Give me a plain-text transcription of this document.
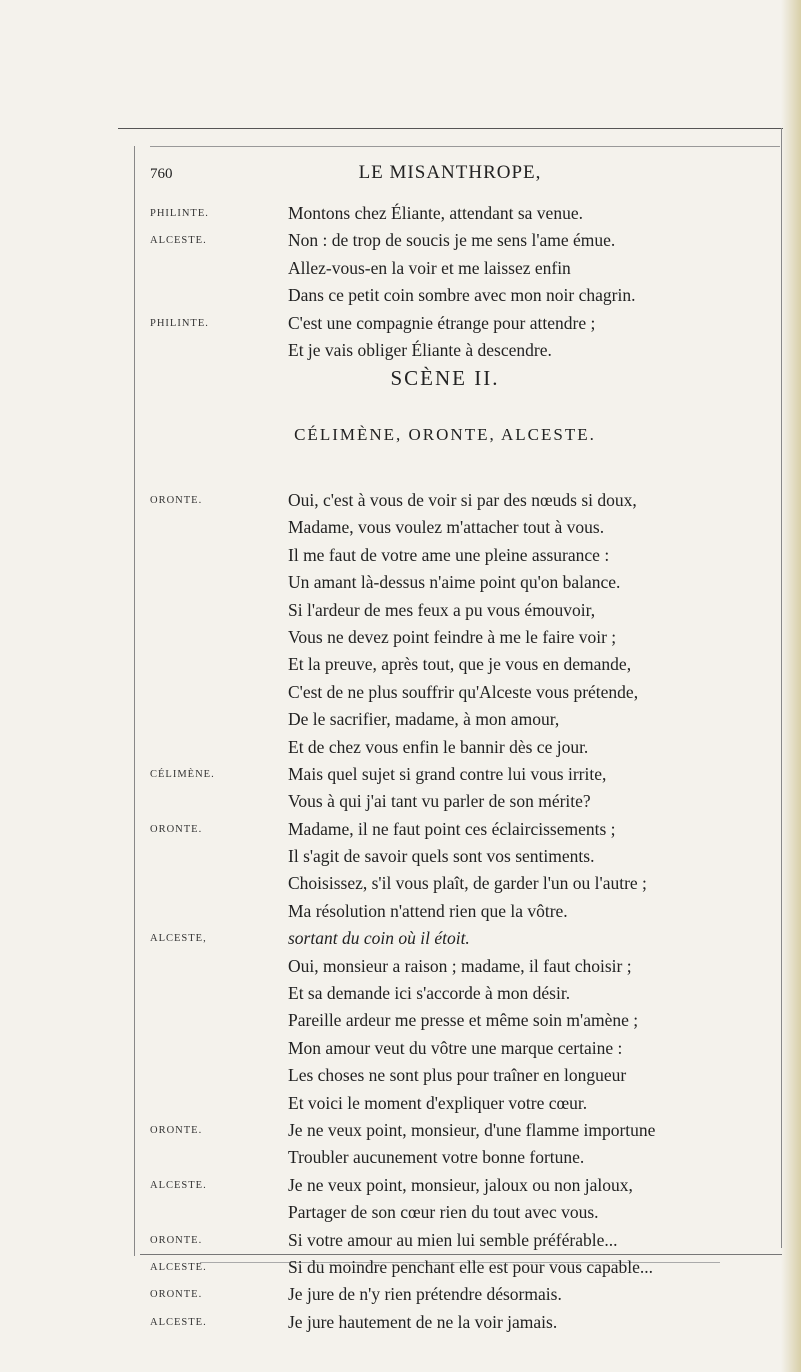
760	LE MISANTHROPE,
PHILINTE.	Montons chez Éliante, attendant sa venue.
ALCESTE.	Non : de trop de soucis je me sens l'ame émue.
Allez-vous-en la voir et me laissez enfin
Dans ce petit coin sombre avec mon noir chagrin.
PHILINTE.	C'est une compagnie étrange pour attendre ;
Et je vais obliger Éliante à descendre.
SCÈNE II.
CÉLIMÈNE, ORONTE, ALCESTE.
ORONTE.	Oui, c'est à vous de voir si par des nœuds si doux,
Madame, vous voulez m'attacher tout à vous.
Il me faut de votre ame une pleine assurance :
Un amant là-dessus n'aime point qu'on balance.
Si l'ardeur de mes feux a pu vous émouvoir,
Vous ne devez point feindre à me le faire voir ;
Et la preuve, après tout, que je vous en demande,
C'est de ne plus souffrir qu'Alceste vous prétende,
De le sacrifier, madame, à mon amour,
Et de chez vous enfin le bannir dès ce jour.
CÉLIMÈNE.	Mais quel sujet si grand contre lui vous irrite,
Vous à qui j'ai tant vu parler de son mérite?
ORONTE.	Madame, il ne faut point ces éclaircissements ;
Il s'agit de savoir quels sont vos sentiments.
Choisissez, s'il vous plaît, de garder l'un ou l'autre ;
Ma résolution n'attend rien que la vôtre.
ALCESTE,	sortant du coin où il étoit.
Oui, monsieur a raison ; madame, il faut choisir ;
Et sa demande ici s'accorde à mon désir.
Pareille ardeur me presse et même soin m'amène ;
Mon amour veut du vôtre une marque certaine :
Les choses ne sont plus pour traîner en longueur
Et voici le moment d'expliquer votre cœur.
ORONTE.	Je ne veux point, monsieur, d'une flamme importune
Troubler aucunement votre bonne fortune.
ALCESTE.	Je ne veux point, monsieur, jaloux ou non jaloux,
Partager de son cœur rien du tout avec vous.
ORONTE.	Si votre amour au mien lui semble préférable...
ALCESTE.	Si du moindre penchant elle est pour vous capable...
ORONTE.	Je jure de n'y rien prétendre désormais.
ALCESTE.	Je jure hautement de ne la voir jamais.
